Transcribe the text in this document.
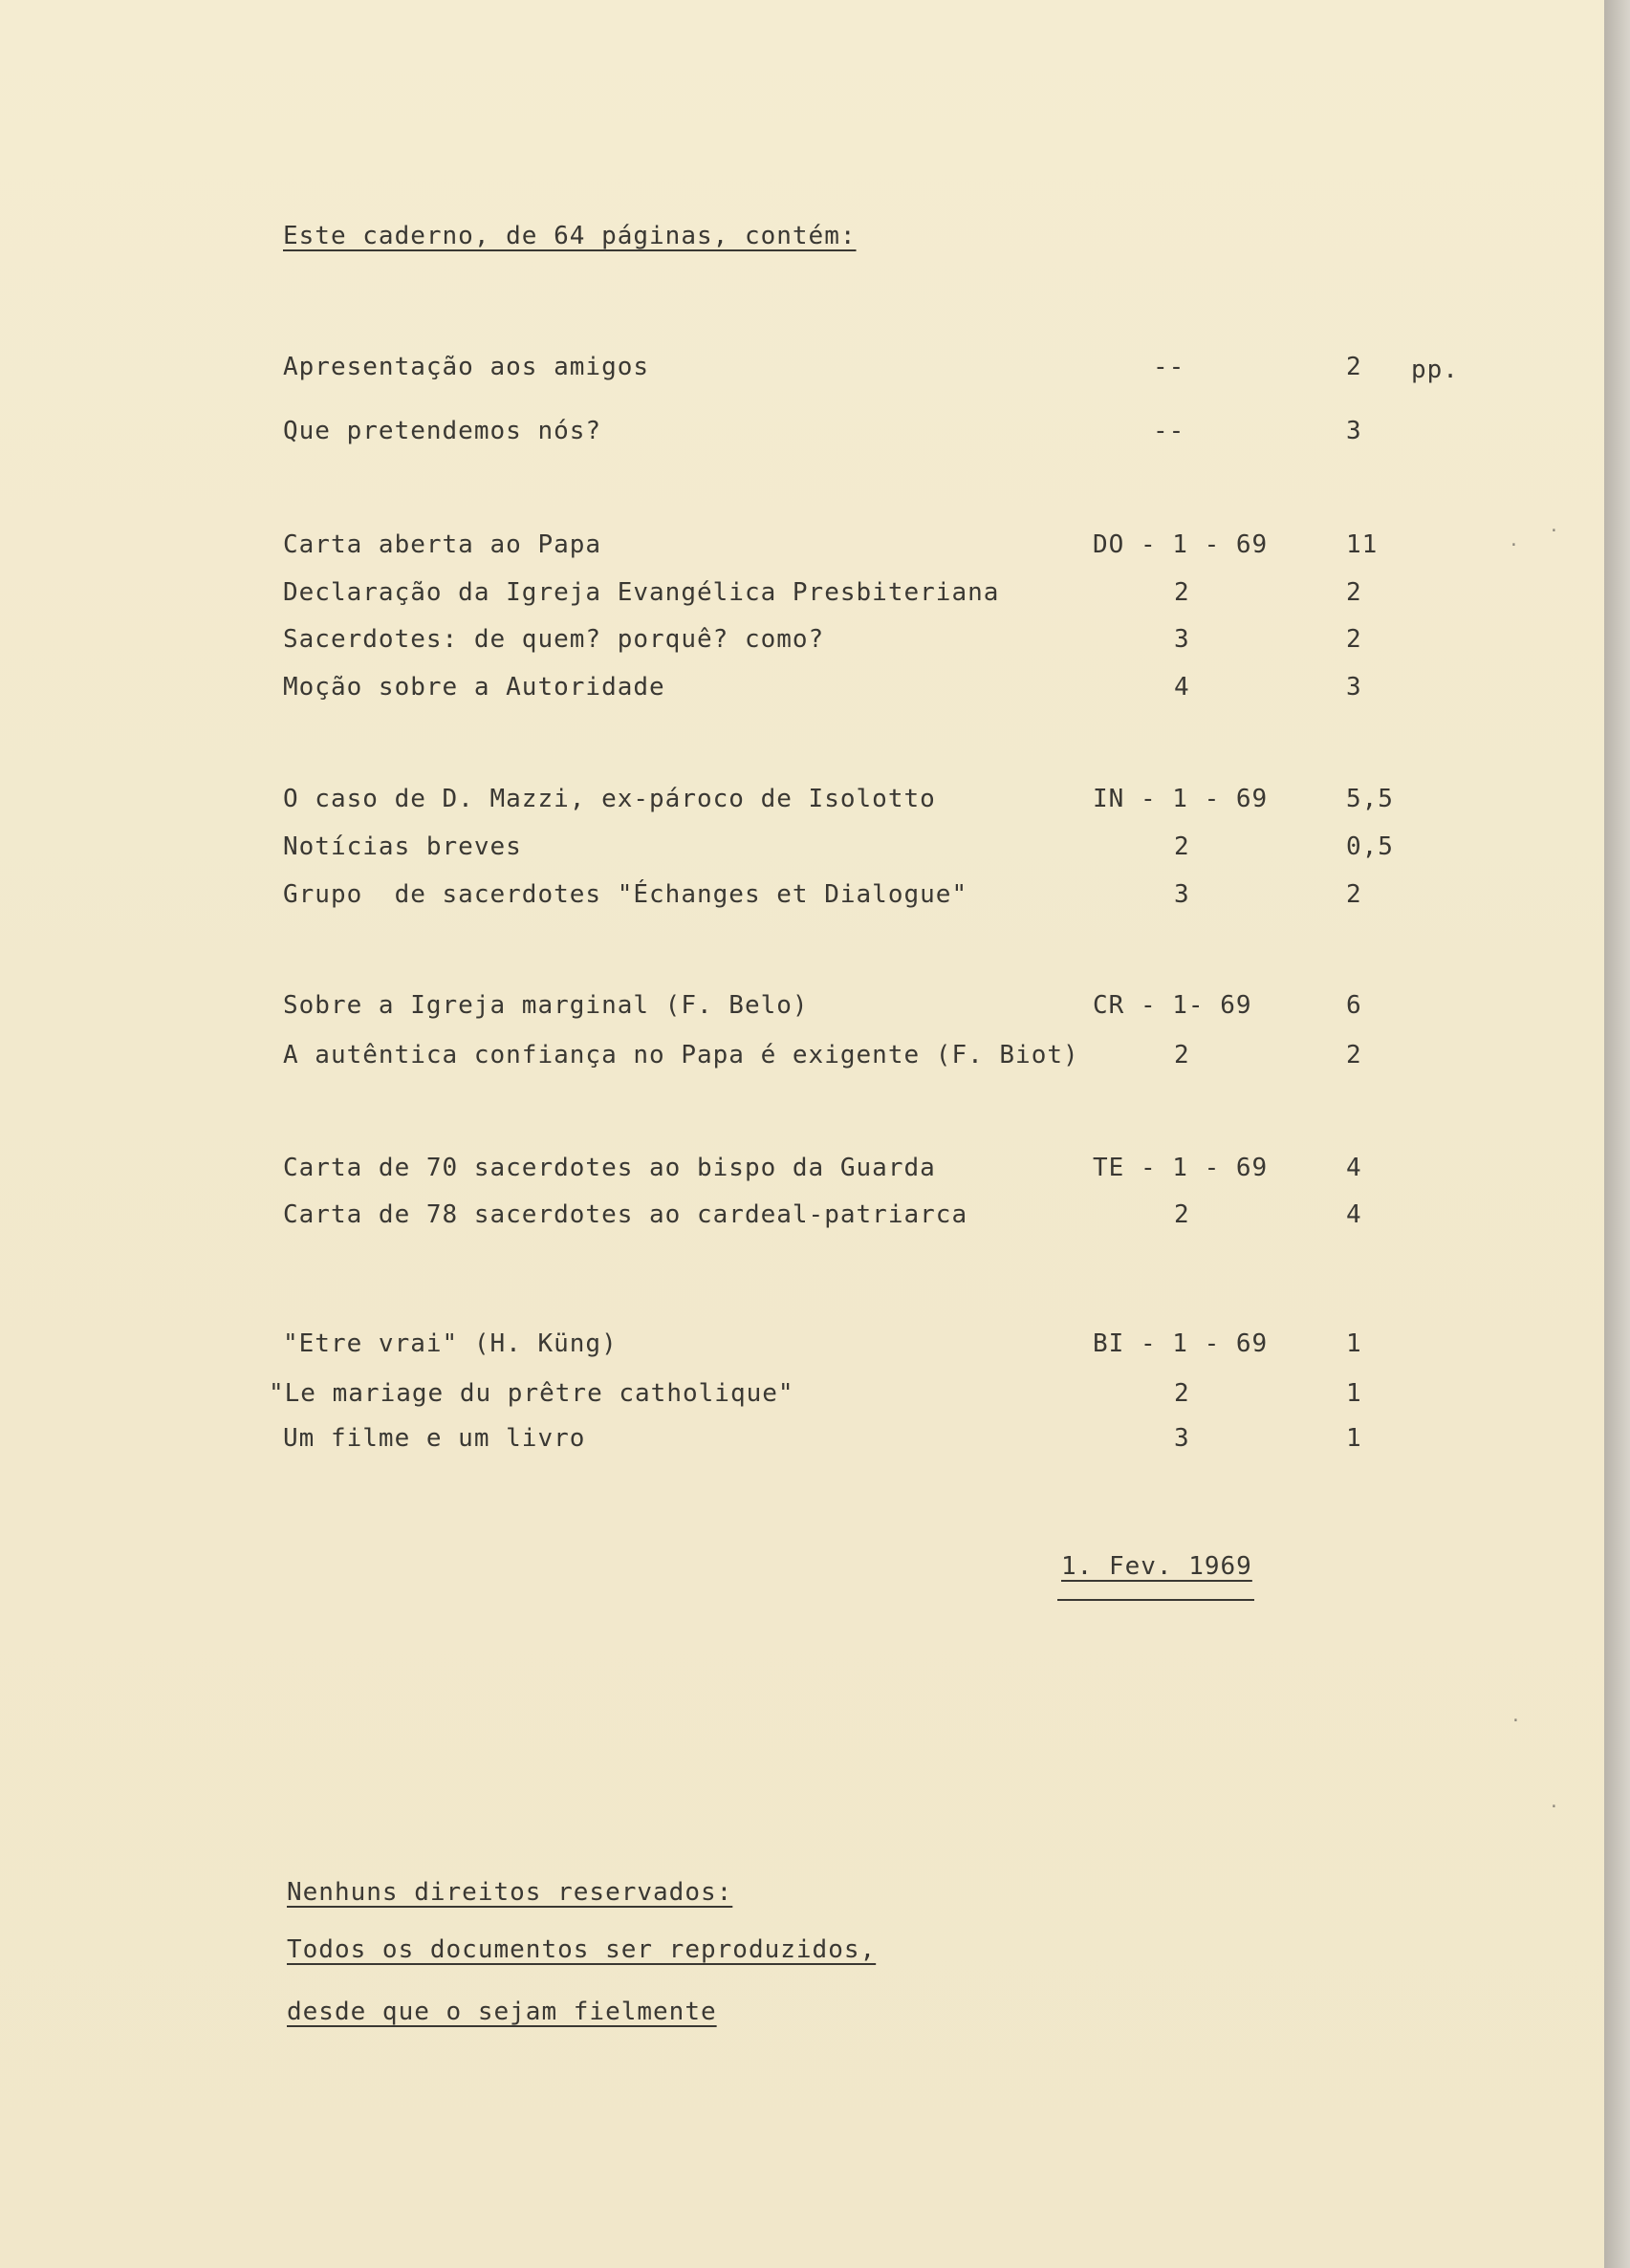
Este caderno, de 64 páginas, contém:
Apresentação aos amigos	--	2 pp.
Que pretendemos nós?	--	3
Carta aberta ao Papa	DO - 1 - 69	11
Declaração da Igreja Evangélica Presbiteriana	2	2
Sacerdotes: de quem? porquê? como?	3	2
Moção sobre a Autoridade	4	3
O caso de D. Mazzi, ex-pároco de Isolotto	IN - 1 - 69	5,5
Notícias breves	2	0,5
Grupo  de sacerdotes "Échanges et Dialogue"	3	2
Sobre a Igreja marginal (F. Belo)	CR - 1- 69	6
A autêntica confiança no Papa é exigente (F. Biot)	2	2
Carta de 70 sacerdotes ao bispo da Guarda	TE - 1 - 69	4
Carta de 78 sacerdotes ao cardeal-patriarca	2	4
"Etre vrai" (H. Küng)	BI - 1 - 69	1
"Le mariage du prêtre catholique"	2	1
Um filme e um livro	3	1
1. Fev. 1969
Nenhuns direitos reservados:
Todos os documentos ser reproduzidos,
desde que o sejam fielmente
·
·
·
·
